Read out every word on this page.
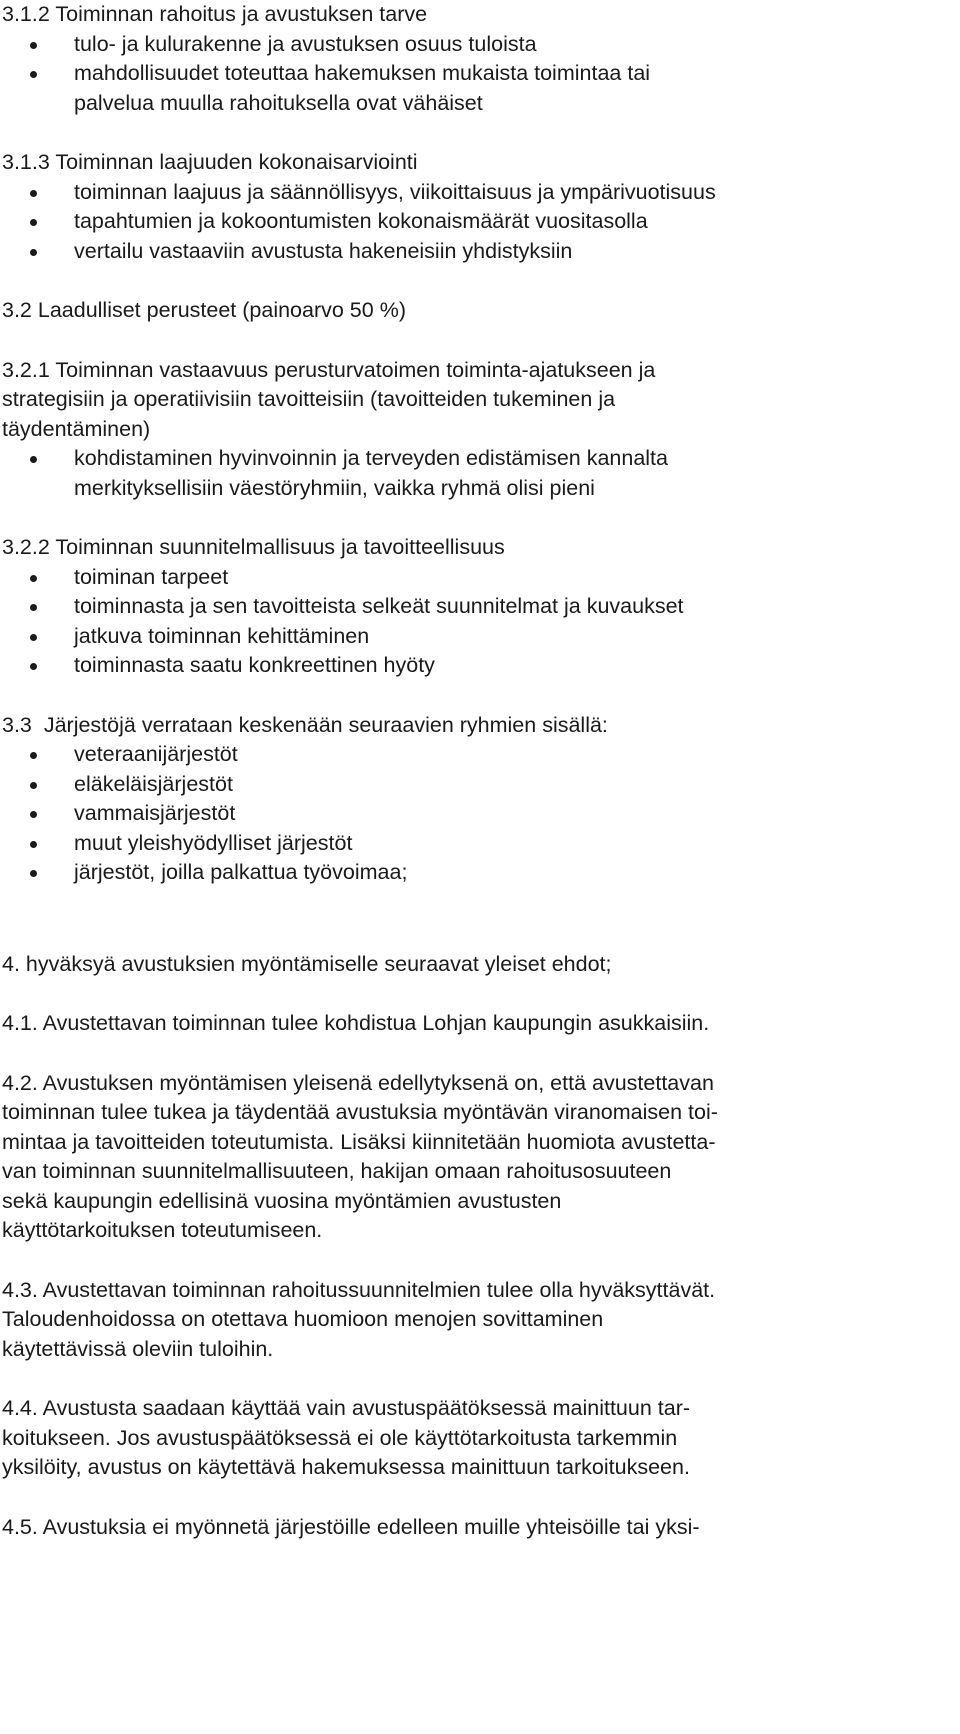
3.1.2 Toiminnan rahoitus ja avustuksen tarve
tulo- ja kulurakenne ja avustuksen osuus tuloista
mahdollisuudet toteuttaa hakemuksen mukaista toimintaa tai
palvelua muulla rahoituksella ovat vähäiset
3.1.3 Toiminnan laajuuden kokonaisarviointi
toiminnan laajuus ja säännöllisyys, viikoittaisuus ja ympärivuotisuus
tapahtumien ja kokoontumisten kokonaismäärät vuositasolla
vertailu vastaaviin avustusta hakeneisiin yhdistyksiin
3.2 Laadulliset perusteet (painoarvo 50 %)
3.2.1 Toiminnan vastaavuus perusturvatoimen toiminta-ajatukseen ja
strategisiin ja operatiivisiin tavoitteisiin (tavoitteiden tukeminen ja
täydentäminen)
kohdistaminen hyvinvoinnin ja terveyden edistämisen kannalta
merkityksellisiin väestöryhmiin, vaikka ryhmä olisi pieni
3.2.2 Toiminnan suunnitelmallisuus ja tavoitteellisuus
toiminan tarpeet
toiminnasta ja sen tavoitteista selkeät suunnitelmat ja kuvaukset
jatkuva toiminnan kehittäminen
toiminnasta saatu konkreettinen hyöty
3.3  Järjestöjä verrataan keskenään seuraavien ryhmien sisällä:
veteraanijärjestöt
eläkeläisjärjestöt
vammaisjärjestöt
muut yleishyödylliset järjestöt
järjestöt, joilla palkattua työvoimaa;
4. hyväksyä avustuksien myöntämiselle seuraavat yleiset ehdot;
4.1. Avustettavan toiminnan tulee kohdistua Lohjan kaupungin asukkaisiin.
4.2. Avustuksen myöntämisen yleisenä edellytyksenä on, että avustettavan
toiminnan tulee tukea ja täydentää avustuksia myöntävän viranomaisen toi-
mintaa ja tavoitteiden toteutumista. Lisäksi kiinnitetään huomiota avustetta-
van toiminnan suunnitelmallisuuteen, hakijan omaan rahoitusosuuteen
sekä kaupungin edellisinä vuosina myöntämien avustusten
käyttötarkoituksen toteutumiseen.
4.3. Avustettavan toiminnan rahoitussuunnitelmien tulee olla hyväksyttävät.
Taloudenhoidossa on otettava huomioon menojen sovittaminen
käytettävissä oleviin tuloihin.
4.4. Avustusta saadaan käyttää vain avustuspäätöksessä mainittuun tar-
koitukseen. Jos avustuspäätöksessä ei ole käyttötarkoitusta tarkemmin
yksilöity, avustus on käytettävä hakemuksessa mainittuun tarkoitukseen.
4.5. Avustuksia ei myönnetä järjestöille edelleen muille yhteisöille tai yksi-
